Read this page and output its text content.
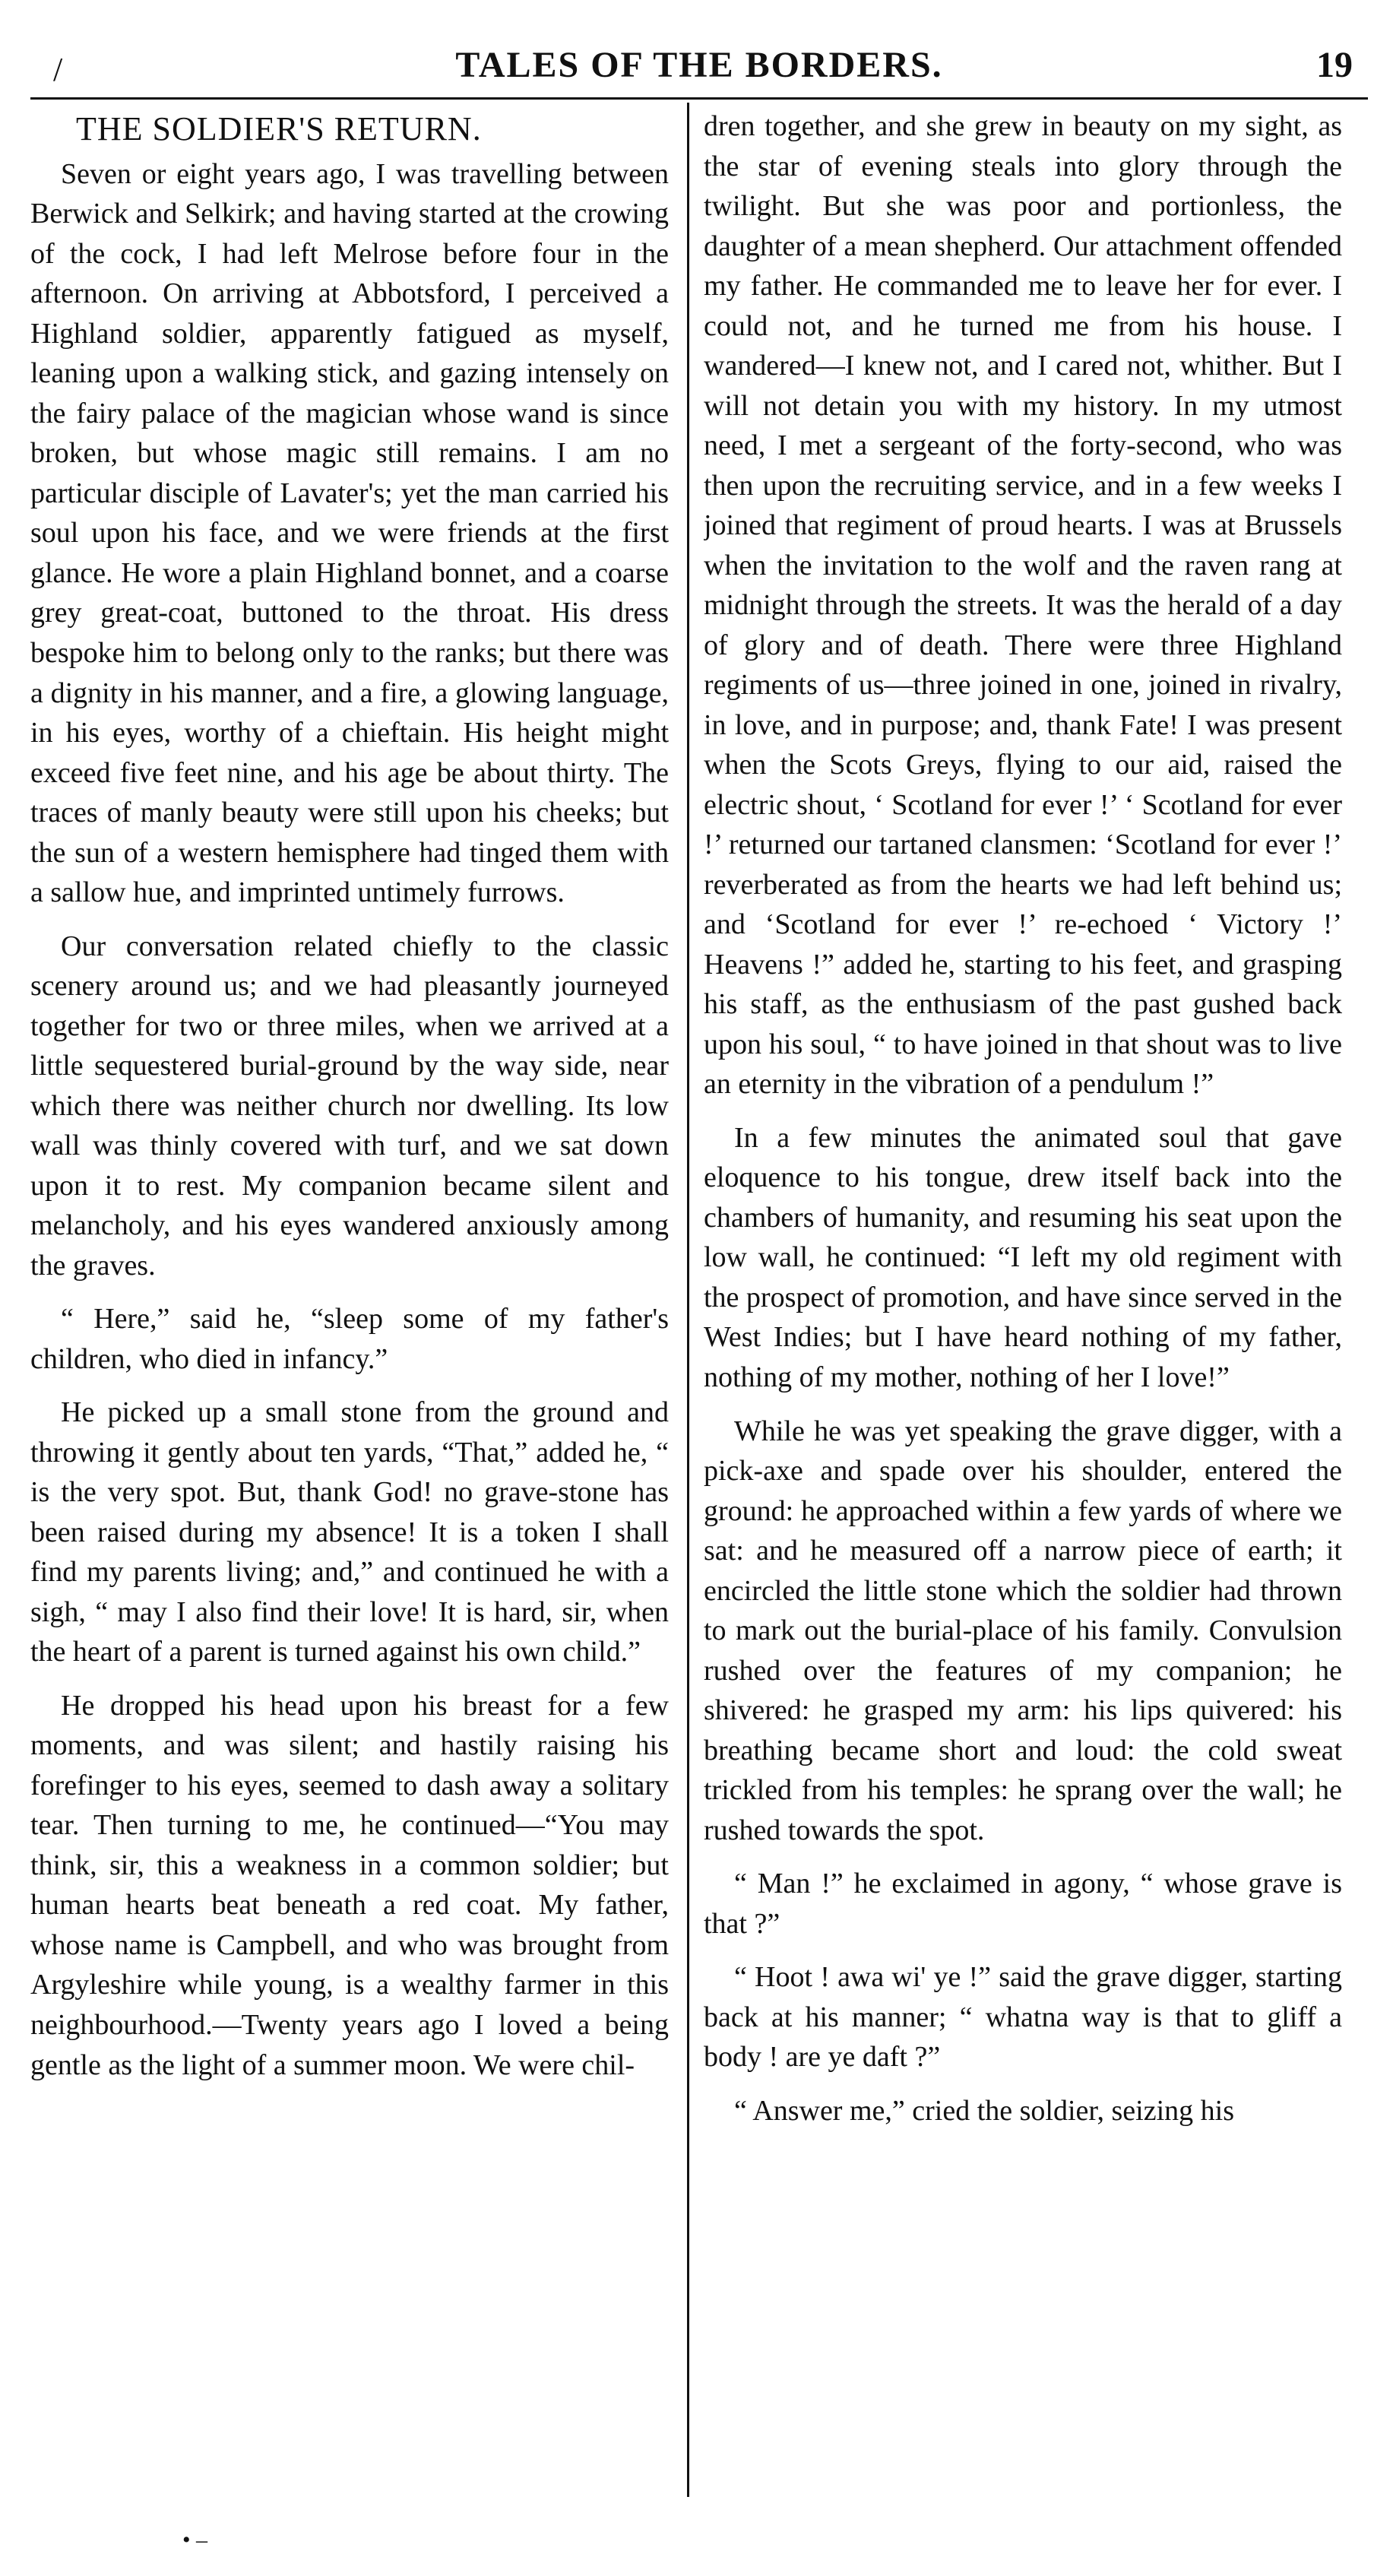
/	TALES OF THE BORDERS.	19
THE SOLDIER'S RETURN.

Seven or eight years ago, I was travelling between Berwick and Selkirk; and having started at the crowing of the cock, I had left Melrose before four in the afternoon. On arriving at Abbotsford, I perceived a Highland soldier, apparently fatigued as myself, leaning upon a walking stick, and gazing intensely on the fairy palace of the magician whose wand is since broken, but whose magic still remains. I am no particular disciple of Lavater's; yet the man carried his soul upon his face, and we were friends at the first glance. He wore a plain Highland bonnet, and a coarse grey great-coat, buttoned to the throat. His dress bespoke him to belong only to the ranks; but there was a dignity in his manner, and a fire, a glowing language, in his eyes, worthy of a chieftain. His height might exceed five feet nine, and his age be about thirty. The traces of manly beauty were still upon his cheeks; but the sun of a western hemisphere had tinged them with a sallow hue, and imprinted untimely furrows.

Our conversation related chiefly to the classic scenery around us; and we had pleasantly journeyed together for two or three miles, when we arrived at a little sequestered burial-ground by the way side, near which there was neither church nor dwelling. Its low wall was thinly covered with turf, and we sat down upon it to rest. My companion became silent and melancholy, and his eyes wandered anxiously among the graves.

“ Here,” said he, “sleep some of my father's children, who died in infancy.”

He picked up a small stone from the ground and throwing it gently about ten yards, “That,” added he, “ is the very spot. But, thank God! no grave-stone has been raised during my absence! It is a token I shall find my parents living; and,” and continued he with a sigh, “ may I also find their love! It is hard, sir, when the heart of a parent is turned against his own child.”

He dropped his head upon his breast for a few moments, and was silent; and hastily raising his forefinger to his eyes, seemed to dash away a solitary tear. Then turning to me, he continued—“You may think, sir, this a weakness in a common soldier; but human hearts beat beneath a red coat. My father, whose name is Campbell, and who was brought from Argyleshire while young, is a wealthy farmer in this neighbourhood.—Twenty years ago I loved a being gentle as the light of a summer moon. We were chil-

dren together, and she grew in beauty on my sight, as the star of evening steals into glory through the twilight. But she was poor and portionless, the daughter of a mean shepherd. Our attachment offended my father. He commanded me to leave her for ever. I could not, and he turned me from his house. I wandered—I knew not, and I cared not, whither. But I will not detain you with my history. In my utmost need, I met a sergeant of the forty-second, who was then upon the recruiting service, and in a few weeks I joined that regiment of proud hearts. I was at Brussels when the invitation to the wolf and the raven rang at midnight through the streets. It was the herald of a day of glory and of death. There were three Highland regiments of us—three joined in one, joined in rivalry, in love, and in purpose; and, thank Fate! I was present when the Scots Greys, flying to our aid, raised the electric shout, ‘ Scotland for ever !’ ‘ Scotland for ever !’ returned our tartaned clansmen: ‘Scotland for ever !’ reverberated as from the hearts we had left behind us; and ‘Scotland for ever !’ re-echoed ‘ Victory !’ Heavens !” added he, starting to his feet, and grasping his staff, as the enthusiasm of the past gushed back upon his soul, “ to have joined in that shout was to live an eternity in the vibration of a pendulum !”

In a few minutes the animated soul that gave eloquence to his tongue, drew itself back into the chambers of humanity, and resuming his seat upon the low wall, he continued: “I left my old regiment with the prospect of promotion, and have since served in the West Indies; but I have heard nothing of my father, nothing of my mother, nothing of her I love!”

While he was yet speaking the grave digger, with a pick-axe and spade over his shoulder, entered the ground: he approached within a few yards of where we sat: and he measured off a narrow piece of earth; it encircled the little stone which the soldier had thrown to mark out the burial-place of his family. Convulsion rushed over the features of my companion; he shivered: he grasped my arm: his lips quivered: his breathing became short and loud: the cold sweat trickled from his temples: he sprang over the wall; he rushed towards the spot.

“ Man !” he exclaimed in agony, “ whose grave is that ?”

“ Hoot ! awa wi' ye !” said the grave digger, starting back at his manner; “ whatna way is that to gliff a body ! are ye daft ?”

“ Answer me,” cried the soldier, seizing his

• –
